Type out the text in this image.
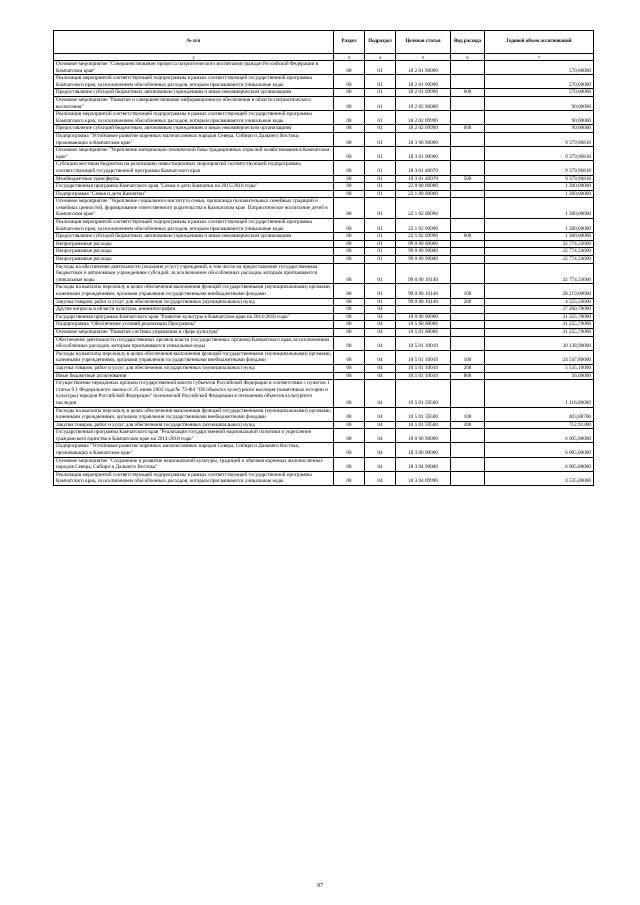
№ п/п	Раздел	Подраздел	Целевая статья	Вид расхода	Годовой объем ассигнований
2	3	4	5	6	7
Основное мероприятие "Совершенствование процесса патриотического воспитания граждан Российской Федерации в Камчатском крае"	08	01	18 2 01 00000		570,00000
Реализация мероприятий соответствующей подпрограммы в рамках соответствующей государственной программы Камчатского края, за исключением обособленных расходов, которым присваиваются уникальные коды	08	01	18 2 01 09990		570,00000
Предоставление субсидий бюджетным, автономным учреждениям и иным некоммерческим организациям	08	01	18 2 01 09990	600	570,00000
Основное мероприятие "Развитие и совершенствование информационного обеспечения в области патриотического воспитания"	08	01	18 2 02 00000		90,00000
Реализация мероприятий соответствующей подпрограммы в рамках соответствующей государственной программы Камчатского края, за исключением обособленных расходов, которым присваиваются уникальные коды	08	01	18 2 02 09990		90,00000
Предоставление субсидий бюджетным, автономным учреждениям и иным некоммерческим организациям	08	01	18 2 02 09990	600	90,00000
Подпрограмма "Устойчивое развитие коренных малочисленных народов Севера, Сибири и Дальнего Востока, проживающих в Камчатском крае"	08	01	18 3 00 00000		9 379,96818
Основное мероприятие "Укрепление материально-технической базы традиционных отраслей хозяйствования в Камчатском крае"	08	01	18 3 01 00000		9 379,96818
Субсидии местным бюджетам на реализацию инвестиционных мероприятий соответствующей подпрограммы соответствующей государственной программы Камчатского края	08	01	18 3 01 40070		9 379,96818
Межбюджетные трансферты	08	01	18 3 01 40070	500	9 379,96818
Государственная программа Камчатского края "Семья и дети Камчатки на 2015-2018 годы"	08	01	22 0 00 00000		1 300,00000
Подпрограмма "Семья и дети Камчатки"	08	01	22 1 00 00000		1 300,00000
Основное мероприятие "Укрепление социального института семьи, пропаганда положительных семейных традиций и семейных ценностей, формирование ответственного родительства в Камчатском крае. Патриотическое воспитание детей в Камчатском крае"	08	01	22 1 02 00000		1 300,00000
Реализация мероприятий соответствующей подпрограммы в рамках соответствующей государственной программы Камчатского края, за исключением обособленных расходов, которым присваиваются уникальные коды	08	01	22 1 02 09990		1 300,00000
Предоставление субсидий бюджетным, автономным учреждениям и иным некоммерческим организациям	08	01	22 1 02 09990	600	1 300,00000
Непрограммные расходы	08	01	99 0 00 00000		32 774,33600
Непрограммные расходы	08	01	99 0 00 00000		32 774,33600
Непрограммные расходы	08	01	99 0 00 00000		32 774,33600
Расходы на обеспечение деятельности (оказание услуг) учреждений, в том числе на предоставление государственным бюджетным и автономным учреждениям субсидий, за исключением обособленных расходов, которым присваиваются уникальные коды	08	01	99 0 00 10140		32 774,33600
Расходы на выплаты персоналу в целях обеспечения выполнения функций государственными (муниципальными) органами, казенными учреждениями, органами управления государственными внебюджетными фондами	08	01	99 0 00 10140	100	28 219,00000
Закупка товаров, работ и услуг для обеспечения государственных (муниципальных) нужд	08	01	99 0 00 10140	200	4 555,33600
Другие вопросы в области культуры, кинематографии	08	04			37 260,70000
Государственная программа Камчатского края "Развитие культуры в Камчатском крае на 2014-2018 годы"	08	04	10 0 00 00000		31 255,70000
Подпрограмма "Обеспечение условий реализации Программы"	08	04	10 5 00 00000		31 255,70000
Основное мероприятие "Развитие системы управления в сфере культуры"	08	04	10 5 01 00000		31 255,70000
Обеспечение деятельности государственных органов власти (государственных органов) Камчатского края, за исключением обособленных расходов, которым присваиваются уникальные коды	08	04	10 5 01 10010		30 138,90000
Расходы на выплаты персоналу в целях обеспечения выполнения функций государственными (муниципальными) органами, казенными учреждениями, органами управления государственными внебюджетными фондами	08	04	10 5 01 10010	100	24 547,80000
Закупка товаров, работ и услуг для обеспечения государственных (муниципальных) нужд	08	04	10 5 01 10010	200	5 535,10000
Иные бюджетные ассигнования	08	04	10 5 01 10010	800	56,00000
Осуществление переданных органам государственной власти субъектов Российской Федерации в соответствии с пунктом 1 статьи 9.1 Федерального закона от 25 июня 2002 года № 73-ФЗ "Об объектах культурного наследия (памятниках истории и культуры) народов Российской Федерации" полномочий Российской Федерации в отношении объектов культурного наследия	08	04	10 5 01 59500		1 116,80000
Расходы на выплаты персоналу в целях обеспечения выполнения функций государственными (муниципальными) органами, казенными учреждениями, органами управления государственными внебюджетными фондами	08	04	10 5 01 59500	100	403,88700
Закупка товаров, работ и услуг для обеспечения государственных (муниципальных) нужд	08	04	10 5 01 59500	200	712,91300
Государственная программа Камчатского края "Реализация государственной национальной политики и укрепление гражданского единства в Камчатском крае на 2014-2018 годы"	08	04	18 0 00 00000		6 005,00000
Подпрограмма "Устойчивое развитие коренных малочисленных народов Севера, Сибири и Дальнего Востока, проживающих в Камчатском крае"	08	04	18 3 00 00000		6 005,00000
Основное мероприятие "Сохранение и развитие национальной культуры, традиций и обычаев коренных малочисленных народов Севера, Сибири и Дальнего Востока"	08	04	18 3 04 00000		6 005,00000
Реализация мероприятий соответствующей подпрограммы в рамках соответствующей государственной программы Камчатского края, за исключением обособленных расходов, которым присваиваются уникальные коды	08	04	18 3 04 09990		4 535,00000
97
